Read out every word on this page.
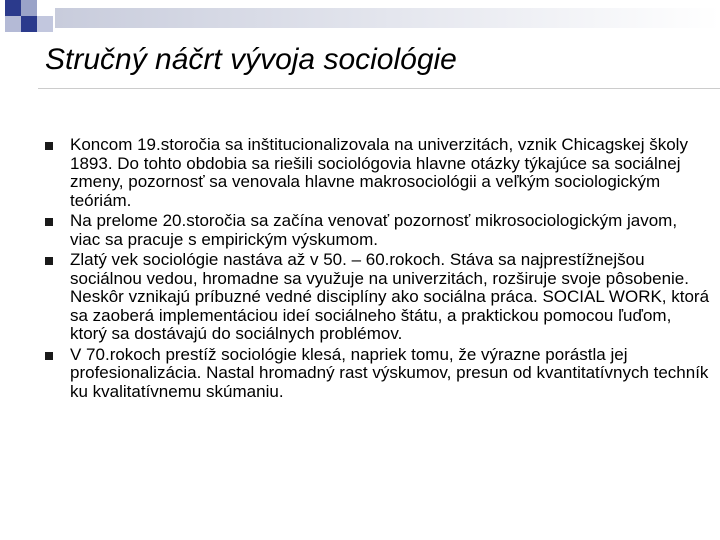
Stručný náčrt vývoja sociológie
Koncom 19.storočia sa inštitucionalizovala na univerzitách, vznik Chicagskej školy 1893. Do tohto obdobia sa riešili sociológovia hlavne otázky týkajúce sa sociálnej zmeny, pozornosť sa venovala hlavne makrosociológii a veľkým sociologickým teóriám.
Na prelome 20.storočia sa začína venovať pozornosť mikrosociologickým javom, viac sa pracuje s empirickým výskumom.
Zlatý vek sociológie nastáva až v 50. – 60.rokoch. Stáva sa najprestížnejšou sociálnou vedou, hromadne sa využuje na univerzitách, rozširuje svoje pôsobenie. Neskôr vznikajú príbuzné vedné disciplíny ako sociálna práca. SOCIAL WORK, ktorá sa zaoberá implementáciou ideí sociálneho štátu, a praktickou pomocou ľuďom, ktorý sa dostávajú do sociálnych problémov.
V 70.rokoch prestíž sociológie klesá, napriek tomu, že výrazne porástla jej profesionalizácia. Nastal hromadný rast výskumov, presun od kvantitatívnych techník ku kvalitatívnemu skúmaniu.
